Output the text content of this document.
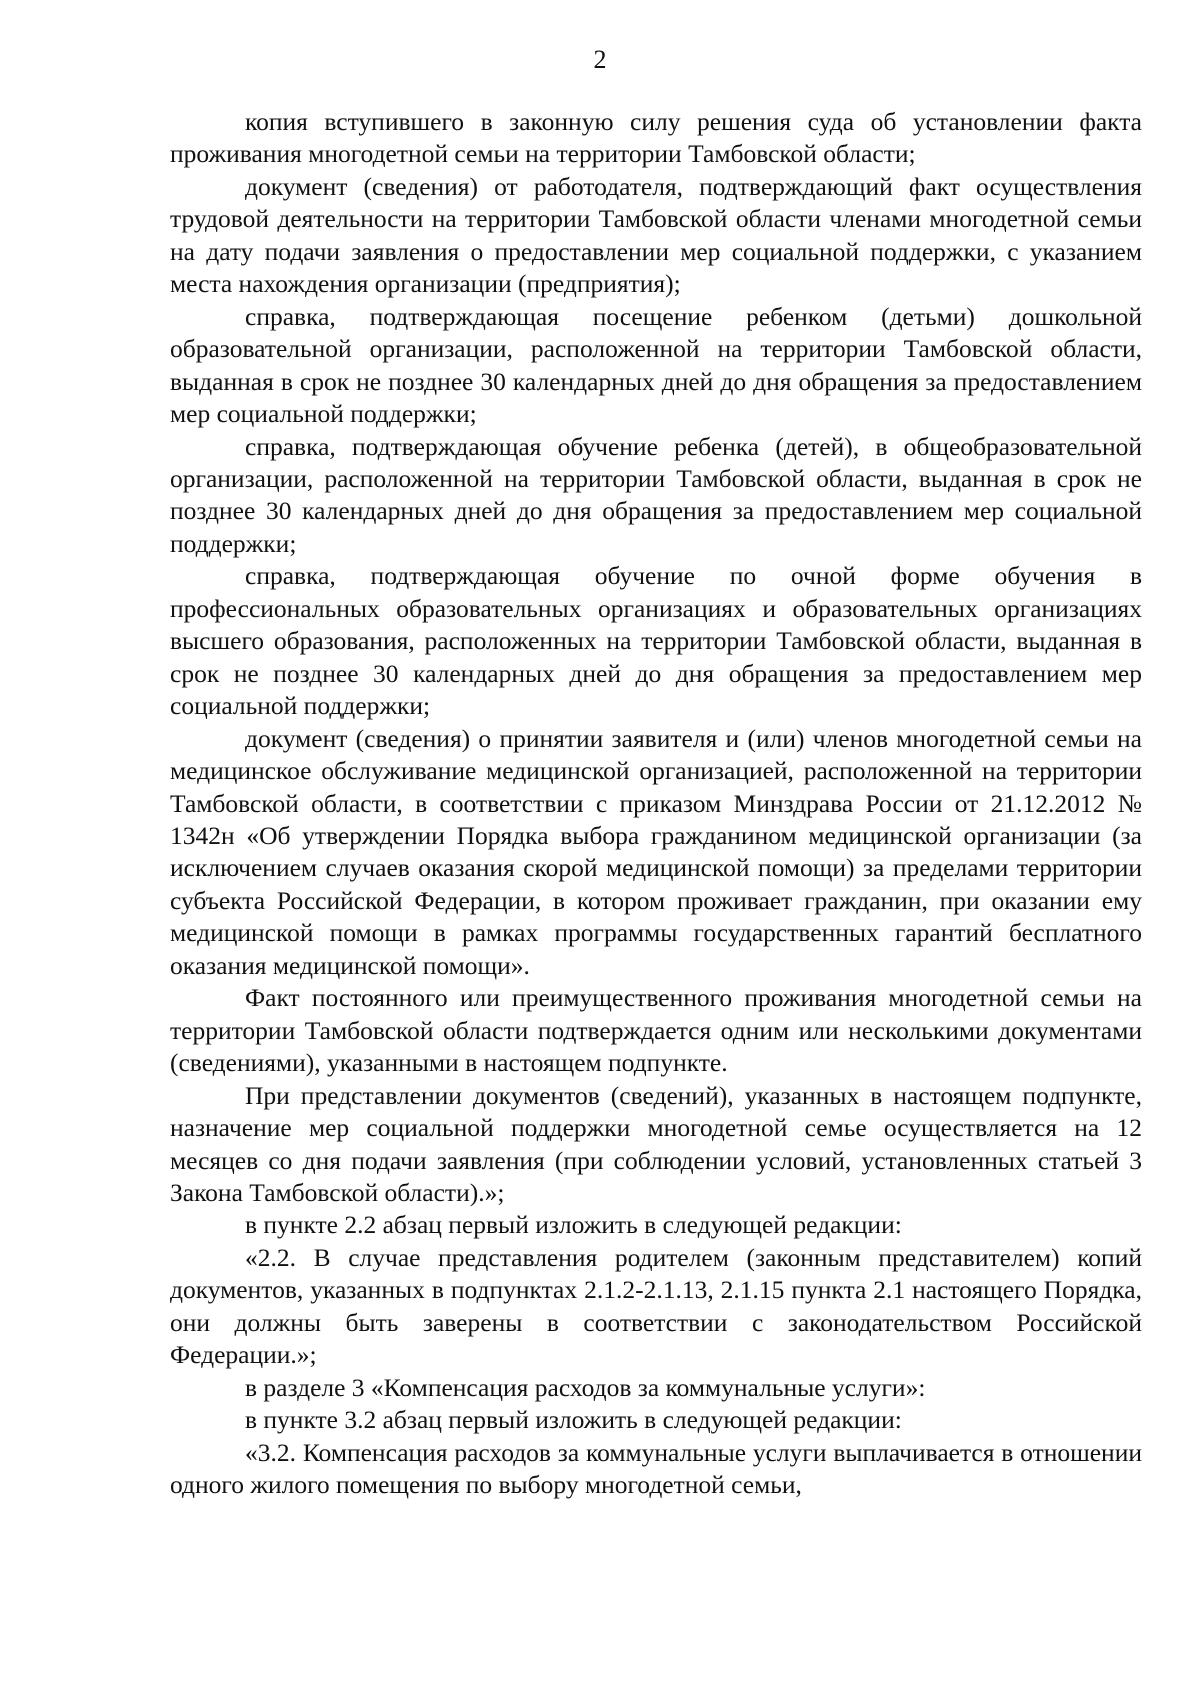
2

копия вступившего в законную силу решения суда об установлении факта проживания многодетной семьи на территории Тамбовской области;

документ (сведения) от работодателя, подтверждающий факт осуществления трудовой деятельности на территории Тамбовской области членами многодетной семьи на дату подачи заявления о предоставлении мер социальной поддержки, с указанием места нахождения организации (предприятия);

справка, подтверждающая посещение ребенком (детьми) дошкольной образовательной организации, расположенной на территории Тамбовской области, выданная в срок не позднее 30 календарных дней до дня обращения за предоставлением мер социальной поддержки;

справка, подтверждающая обучение ребенка (детей), в общеобразовательной организации, расположенной на территории Тамбовской области, выданная в срок не позднее 30 календарных дней до дня обращения за предоставлением мер социальной поддержки;

справка, подтверждающая обучение по очной форме обучения в профессиональных образовательных организациях и образовательных организациях высшего образования, расположенных на территории Тамбовской области, выданная в срок не позднее 30 календарных дней до дня обращения за предоставлением мер социальной поддержки;

документ (сведения) о принятии заявителя и (или) членов многодетной семьи на медицинское обслуживание медицинской организацией, расположенной на территории Тамбовской области, в соответствии с приказом Минздрава России от 21.12.2012 № 1342н «Об утверждении Порядка выбора гражданином медицинской организации (за исключением случаев оказания скорой медицинской помощи) за пределами территории субъекта Российской Федерации, в котором проживает гражданин, при оказании ему медицинской помощи в рамках программы государственных гарантий бесплатного оказания медицинской помощи».

Факт постоянного или преимущественного проживания многодетной семьи на территории Тамбовской области подтверждается одним или несколькими документами (сведениями), указанными в настоящем подпункте.

При представлении документов (сведений), указанных в настоящем подпункте, назначение мер социальной поддержки многодетной семье осуществляется на 12 месяцев со дня подачи заявления (при соблюдении условий, установленных статьей 3 Закона Тамбовской области).»;

в пункте 2.2 абзац первый изложить в следующей редакции:

«2.2. В случае представления родителем (законным представителем) копий документов, указанных в подпунктах 2.1.2-2.1.13, 2.1.15 пункта 2.1 настоящего Порядка, они должны быть заверены в соответствии с законодательством Российской Федерации.»;

в разделе 3 «Компенсация расходов за коммунальные услуги»:

в пункте 3.2 абзац первый изложить в следующей редакции:

«3.2. Компенсация расходов за коммунальные услуги выплачивается в отношении одного жилого помещения по выбору многодетной семьи,
